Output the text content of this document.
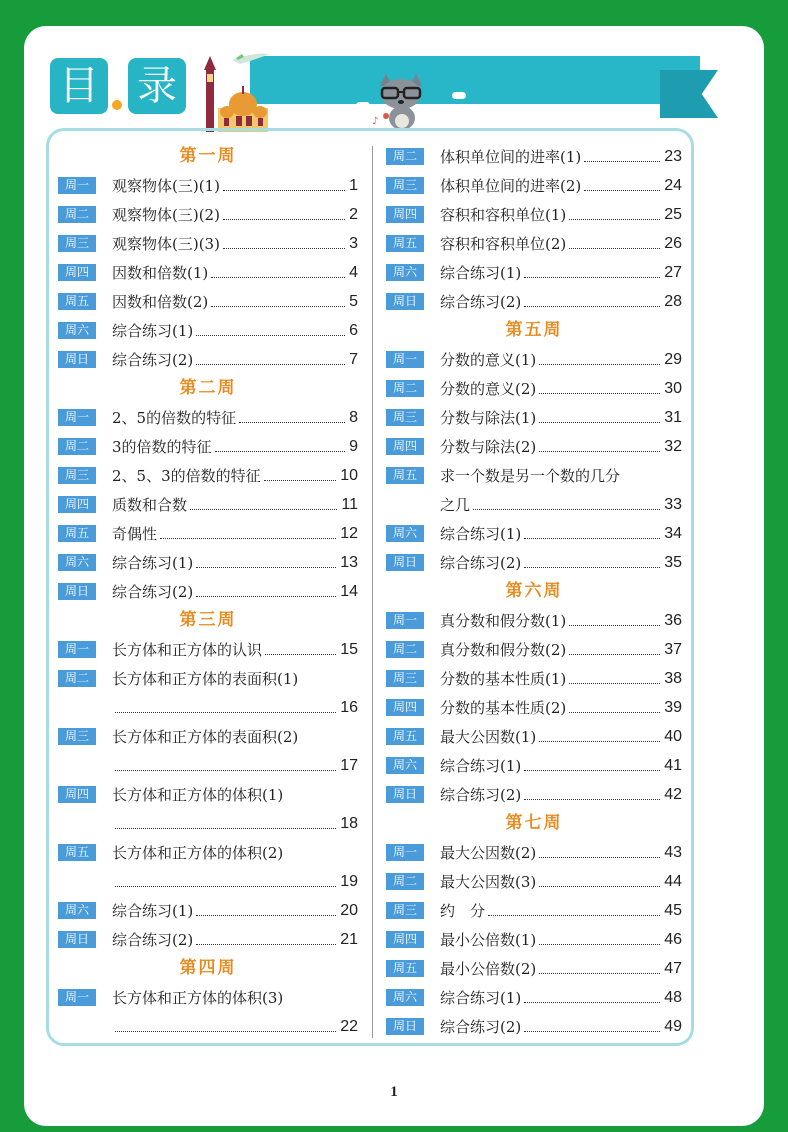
目 录
♪
第一周
周一	观察物体(三)(1)	1
周二	观察物体(三)(2)	2
周三	观察物体(三)(3)	3
周四	因数和倍数(1)	4
周五	因数和倍数(2)	5
周六	综合练习(1)	6
周日	综合练习(2)	7
第二周
周一	2、5的倍数的特征	8
周二	3的倍数的特征	9
周三	2、5、3的倍数的特征	10
周四	质数和合数	11
周五	奇偶性	12
周六	综合练习(1)	13
周日	综合练习(2)	14
第三周
周一	长方体和正方体的认识	15
周二	长方体和正方体的表面积(1)
16
周三	长方体和正方体的表面积(2)
17
周四	长方体和正方体的体积(1)
18
周五	长方体和正方体的体积(2)
19
周六	综合练习(1)	20
周日	综合练习(2)	21
第四周
周一	长方体和正方体的体积(3)
22
周二	体积单位间的进率(1)	23
周三	体积单位间的进率(2)	24
周四	容积和容积单位(1)	25
周五	容积和容积单位(2)	26
周六	综合练习(1)	27
周日	综合练习(2)	28
第五周
周一	分数的意义(1)	29
周二	分数的意义(2)	30
周三	分数与除法(1)	31
周四	分数与除法(2)	32
周五	求一个数是另一个数的几分
之几	33
周六	综合练习(1)	34
周日	综合练习(2)	35
第六周
周一	真分数和假分数(1)	36
周二	真分数和假分数(2)	37
周三	分数的基本性质(1)	38
周四	分数的基本性质(2)	39
周五	最大公因数(1)	40
周六	综合练习(1)	41
周日	综合练习(2)	42
第七周
周一	最大公因数(2)	43
周二	最大公因数(3)	44
周三	约　分	45
周四	最小公倍数(1)	46
周五	最小公倍数(2)	47
周六	综合练习(1)	48
周日	综合练习(2)	49
1
